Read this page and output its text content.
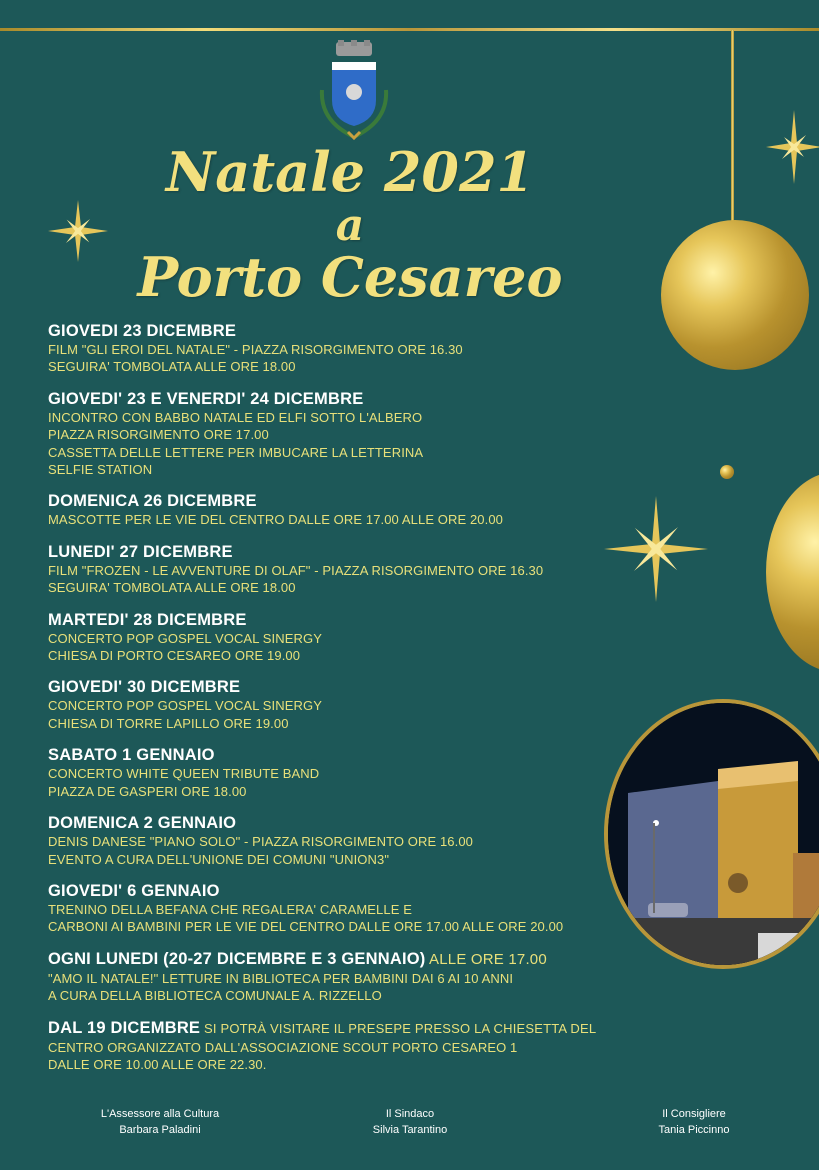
Natale 2021
a
Porto Cesareo
GIOVEDI 23 DICEMBRE
FILM "GLI EROI DEL NATALE" - PIAZZA RISORGIMENTO ORE 16.30
SEGUIRA' TOMBOLATA ALLE ORE 18.00
GIOVEDI' 23 E VENERDI' 24 DICEMBRE
INCONTRO CON BABBO NATALE ED ELFI SOTTO L'ALBERO
PIAZZA RISORGIMENTO ORE 17.00
CASSETTA DELLE LETTERE PER IMBUCARE LA LETTERINA
SELFIE STATION
DOMENICA 26 DICEMBRE
MASCOTTE PER LE VIE DEL CENTRO DALLE ORE 17.00 ALLE ORE 20.00
LUNEDI' 27 DICEMBRE
FILM "FROZEN - LE AVVENTURE DI OLAF" - PIAZZA RISORGIMENTO ORE 16.30
SEGUIRA' TOMBOLATA ALLE ORE 18.00
MARTEDI' 28 DICEMBRE
CONCERTO POP GOSPEL VOCAL SINERGY
CHIESA DI PORTO CESAREO ORE 19.00
GIOVEDI' 30 DICEMBRE
CONCERTO POP GOSPEL VOCAL SINERGY
CHIESA DI TORRE LAPILLO ORE 19.00
SABATO 1 GENNAIO
CONCERTO WHITE QUEEN TRIBUTE BAND
PIAZZA DE GASPERI ORE 18.00
DOMENICA 2 GENNAIO
DENIS DANESE "PIANO SOLO" - PIAZZA RISORGIMENTO ORE 16.00
EVENTO A CURA DELL'UNIONE DEI COMUNI "UNION3"
GIOVEDI' 6 GENNAIO
TRENINO DELLA BEFANA CHE REGALERA' CARAMELLE E
CARBONI AI BAMBINI PER LE VIE DEL CENTRO DALLE ORE 17.00 ALLE ORE 20.00
OGNI LUNEDI (20-27 DICEMBRE E 3 GENNAIO) ALLE ORE 17.00
"AMO IL NATALE!" LETTURE IN BIBLIOTECA PER BAMBINI DAI 6 AI 10 ANNI
A CURA DELLA BIBLIOTECA COMUNALE A. RIZZELLO
DAL 19 DICEMBRE SI POTRÀ VISITARE IL PRESEPE PRESSO LA CHIESETTA DEL
CENTRO ORGANIZZATO DALL'ASSOCIAZIONE SCOUT PORTO CESAREO 1
DALLE ORE 10.00 ALLE ORE 22.30.
L'Assessore alla Cultura
Barbara Paladini
Il Sindaco
Silvia Tarantino
Il Consigliere
Tania Piccinno
